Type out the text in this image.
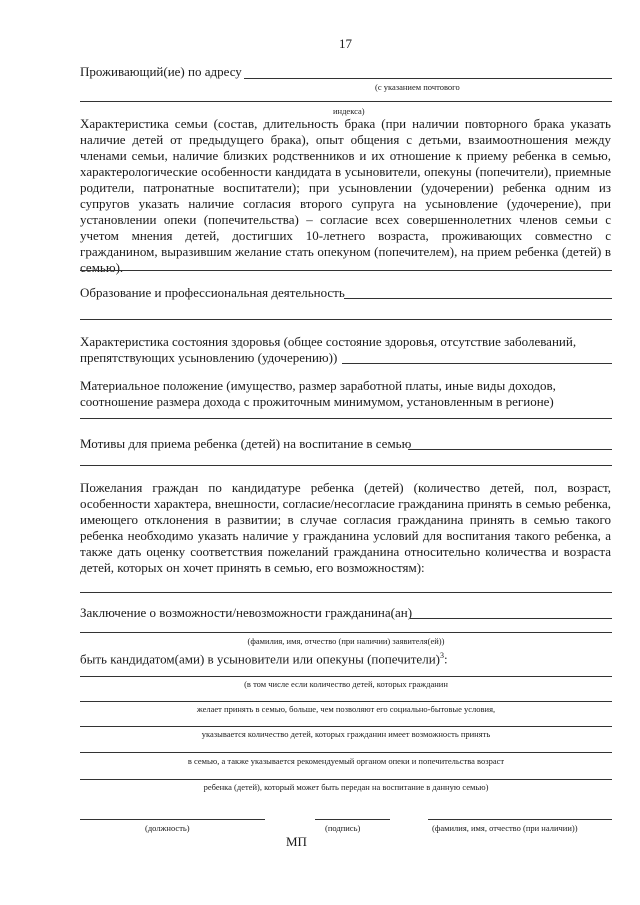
17
Проживающий(ие) по адресу
(с указанием почтового
индекса)
Характеристика семьи (состав, длительность брака (при наличии повторного брака указать наличие детей от предыдущего брака), опыт общения с детьми, взаимоотношения между членами семьи, наличие близких родственников и их отношение к приему ребенка в семью, характерологические особенности кандидата в усыновители, опекуны (попечители), приемные родители, патронатные воспитатели); при усыновлении (удочерении) ребенка одним из супругов указать наличие согласия второго супруга на усыновление (удочерение), при установлении опеки (попечительства) – согласие всех совершеннолетних членов семьи с учетом мнения детей, достигших 10-летнего возраста, проживающих совместно с гражданином, выразившим желание стать опекуном (попечителем), на прием ребенка (детей) в семью).
Образование и профессиональная деятельность
Характеристика состояния здоровья (общее состояние здоровья, отсутствие заболеваний,
препятствующих усыновлению (удочерению))
Материальное положение (имущество, размер заработной платы, иные виды доходов,
соотношение размера дохода с прожиточным минимумом, установленным в регионе)
Мотивы для приема ребенка (детей) на воспитание в семью
Пожелания граждан по кандидатуре ребенка (детей) (количество детей, пол, возраст, особенности характера, внешности, согласие/несогласие гражданина принять в семью ребенка, имеющего отклонения в развитии; в случае согласия гражданина принять в семью такого ребенка необходимо указать наличие у гражданина условий для воспитания такого ребенка, а также дать оценку соответствия пожеланий гражданина относительно количества и возраста детей, которых он хочет принять в семью, его возможностям):
Заключение о возможности/невозможности гражданина(ан)
(фамилия, имя, отчество (при наличии) заявителя(ей))
быть кандидатом(ами) в усыновители или опекуны (попечители)$^3$:
(в том числе если количество детей, которых гражданин
желает принять в семью, больше, чем позволяют его социально-бытовые условия,
указывается количество детей, которых гражданин имеет возможность принять
в семью, а также указывается рекомендуемый органом опеки и попечительства возраст
ребенка (детей), который может быть передан на воспитание в данную семью)
(должность)	(подпись)	(фамилия, имя, отчество (при наличии))
МП
